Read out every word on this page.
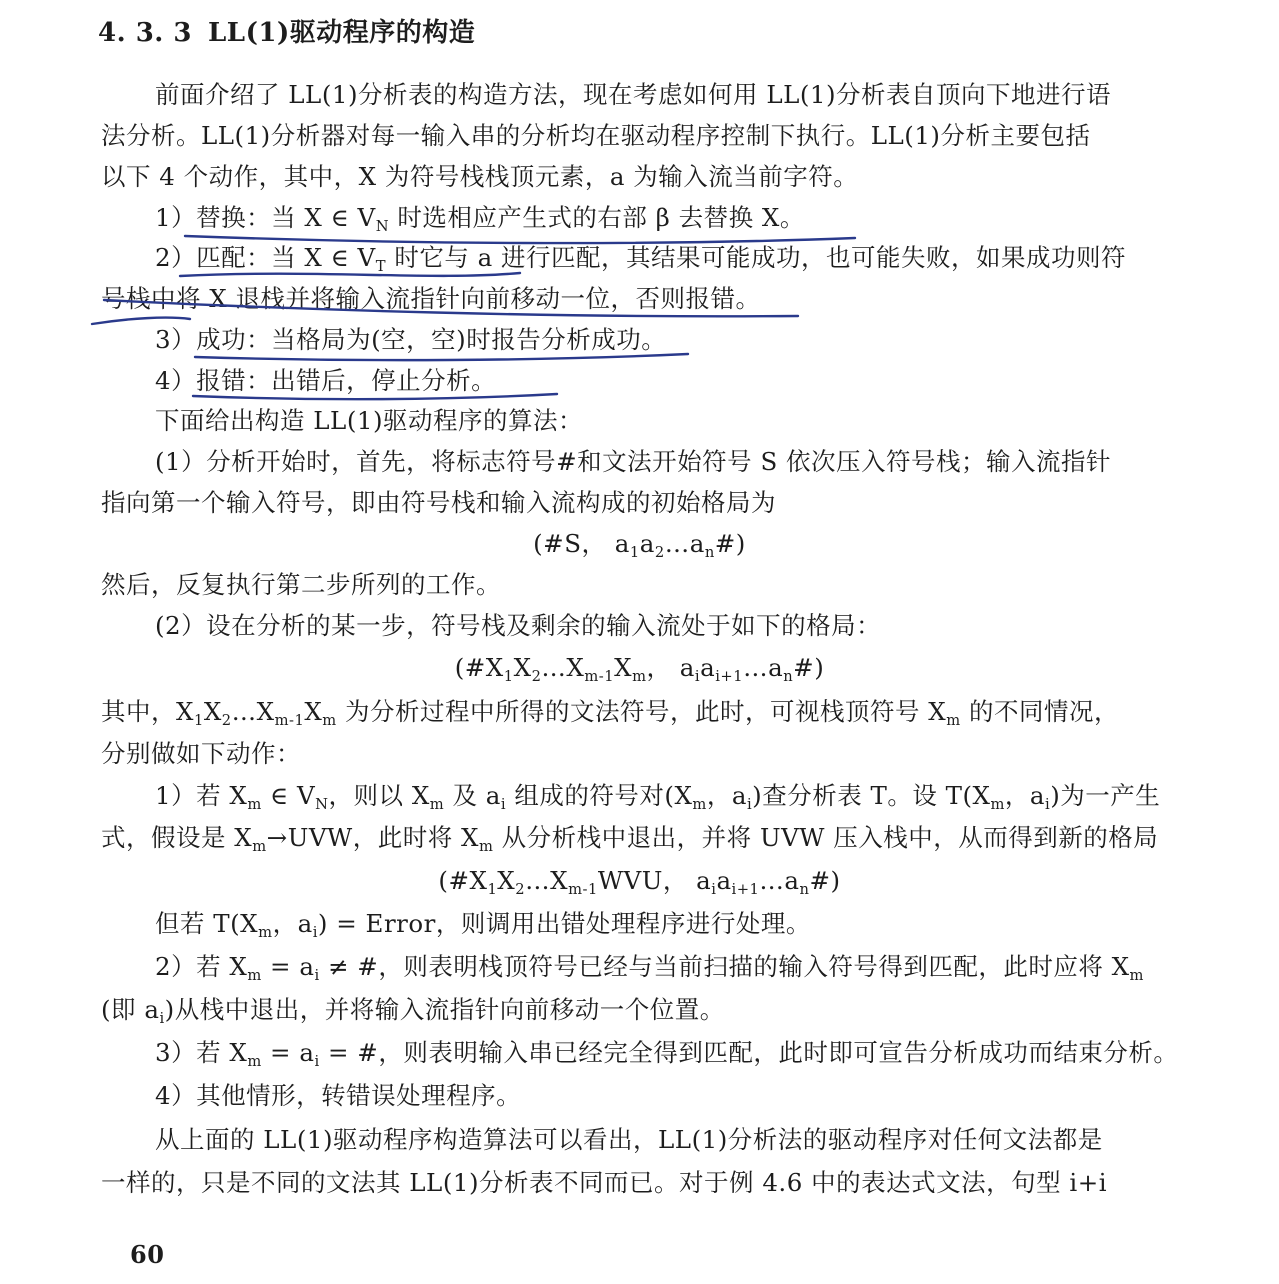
4. 3. 3 LL(1)驱动程序的构造
前面介绍了 LL(1)分析表的构造方法，现在考虑如何用 LL(1)分析表自顶向下地进行语
法分析。LL(1)分析器对每一输入串的分析均在驱动程序控制下执行。LL(1)分析主要包括
以下 4 个动作，其中，X 为符号栈栈顶元素，a 为输入流当前字符。
1）替换：当 X ∈ $V_N$ 时选相应产生式的右部 β 去替换 X。
2）匹配：当 X ∈ $V_T$ 时它与 a 进行匹配，其结果可能成功，也可能失败，如果成功则符
号栈中将 X 退栈并将输入流指针向前移动一位，否则报错。
3）成功：当格局为(空，空)时报告分析成功。
4）报错：出错后，停止分析。
下面给出构造 LL(1)驱动程序的算法：
(1）分析开始时，首先，将标志符号#和文法开始符号 S 依次压入符号栈；输入流指针
指向第一个输入符号，即由符号栈和输入流构成的初始格局为
(#S， $a_1a_2\dots a_n\#$)
然后，反复执行第二步所列的工作。
(2）设在分析的某一步，符号栈及剩余的输入流处于如下的格局：
($\#X_1X_2\dots X_{m-1}X_m$， $a_ia_{i+1}\dots a_n\#$)
其中，$X_1X_2\dots X_{m-1}X_m$ 为分析过程中所得的文法符号，此时，可视栈顶符号 $X_m$ 的不同情况，
分别做如下动作：
1）若 $X_m$ ∈ $V_N$，则以 $X_m$ 及 $a_i$ 组成的符号对($X_m$，$a_i$)查分析表 T。设 $T(X_m$，$a_i$)为一产生
式，假设是 $X_m\to UVW$，此时将 $X_m$ 从分析栈中退出，并将 UVW 压入栈中，从而得到新的格局
($\#X_1X_2\dots X_{m-1}WVU$， $a_ia_{i+1}\dots a_n\#$)
但若 $T(X_m$，$a_i$) = Error，则调用出错处理程序进行处理。
2）若 $X_m = a_i$ ≠ #，则表明栈顶符号已经与当前扫描的输入符号得到匹配，此时应将 $X_m$
(即 $a_i$)从栈中退出，并将输入流指针向前移动一个位置。
3）若 $X_m = a_i$ = #，则表明输入串已经完全得到匹配，此时即可宣告分析成功而结束分析。
4）其他情形，转错误处理程序。
从上面的 LL(1)驱动程序构造算法可以看出，LL(1)分析法的驱动程序对任何文法都是
一样的，只是不同的文法其 LL(1)分析表不同而已。对于例 4.6 中的表达式文法，句型 i+i
60
